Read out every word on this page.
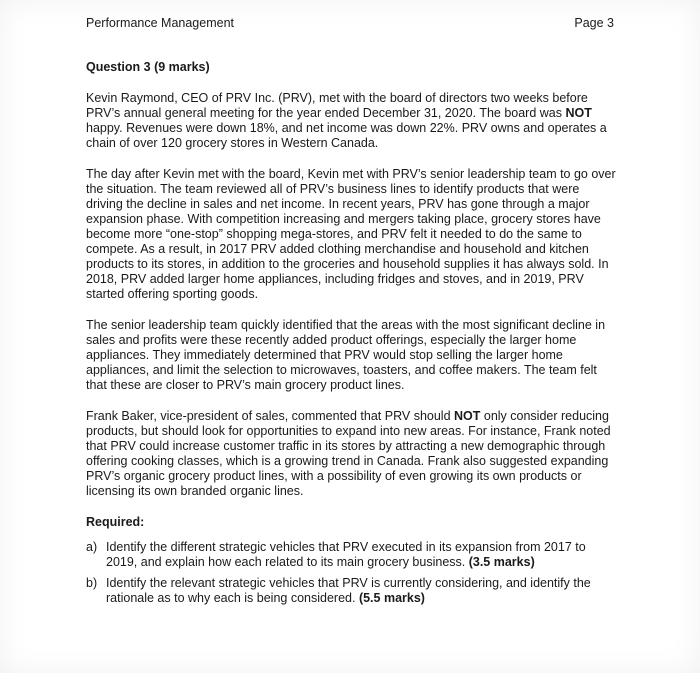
Performance Management	Page 3

Question 3 (9 marks)

Kevin Raymond, CEO of PRV Inc. (PRV), met with the board of directors two weeks before PRV’s annual general meeting for the year ended December 31, 2020. The board was NOT happy. Revenues were down 18%, and net income was down 22%. PRV owns and operates a chain of over 120 grocery stores in Western Canada.

The day after Kevin met with the board, Kevin met with PRV’s senior leadership team to go over the situation. The team reviewed all of PRV’s business lines to identify products that were driving the decline in sales and net income. In recent years, PRV has gone through a major expansion phase. With competition increasing and mergers taking place, grocery stores have become more “one-stop” shopping mega-stores, and PRV felt it needed to do the same to compete. As a result, in 2017 PRV added clothing merchandise and household and kitchen products to its stores, in addition to the groceries and household supplies it has always sold. In 2018, PRV added larger home appliances, including fridges and stoves, and in 2019, PRV started offering sporting goods.

The senior leadership team quickly identified that the areas with the most significant decline in sales and profits were these recently added product offerings, especially the larger home appliances. They immediately determined that PRV would stop selling the larger home appliances, and limit the selection to microwaves, toasters, and coffee makers. The team felt that these are closer to PRV’s main grocery product lines.

Frank Baker, vice-president of sales, commented that PRV should NOT only consider reducing products, but should look for opportunities to expand into new areas. For instance, Frank noted that PRV could increase customer traffic in its stores by attracting a new demographic through offering cooking classes, which is a growing trend in Canada. Frank also suggested expanding PRV’s organic grocery product lines, with a possibility of even growing its own products or licensing its own branded organic lines.

Required:

a) Identify the different strategic vehicles that PRV executed in its expansion from 2017 to 2019, and explain how each related to its main grocery business. (3.5 marks)
b) Identify the relevant strategic vehicles that PRV is currently considering, and identify the rationale as to why each is being considered. (5.5 marks)
